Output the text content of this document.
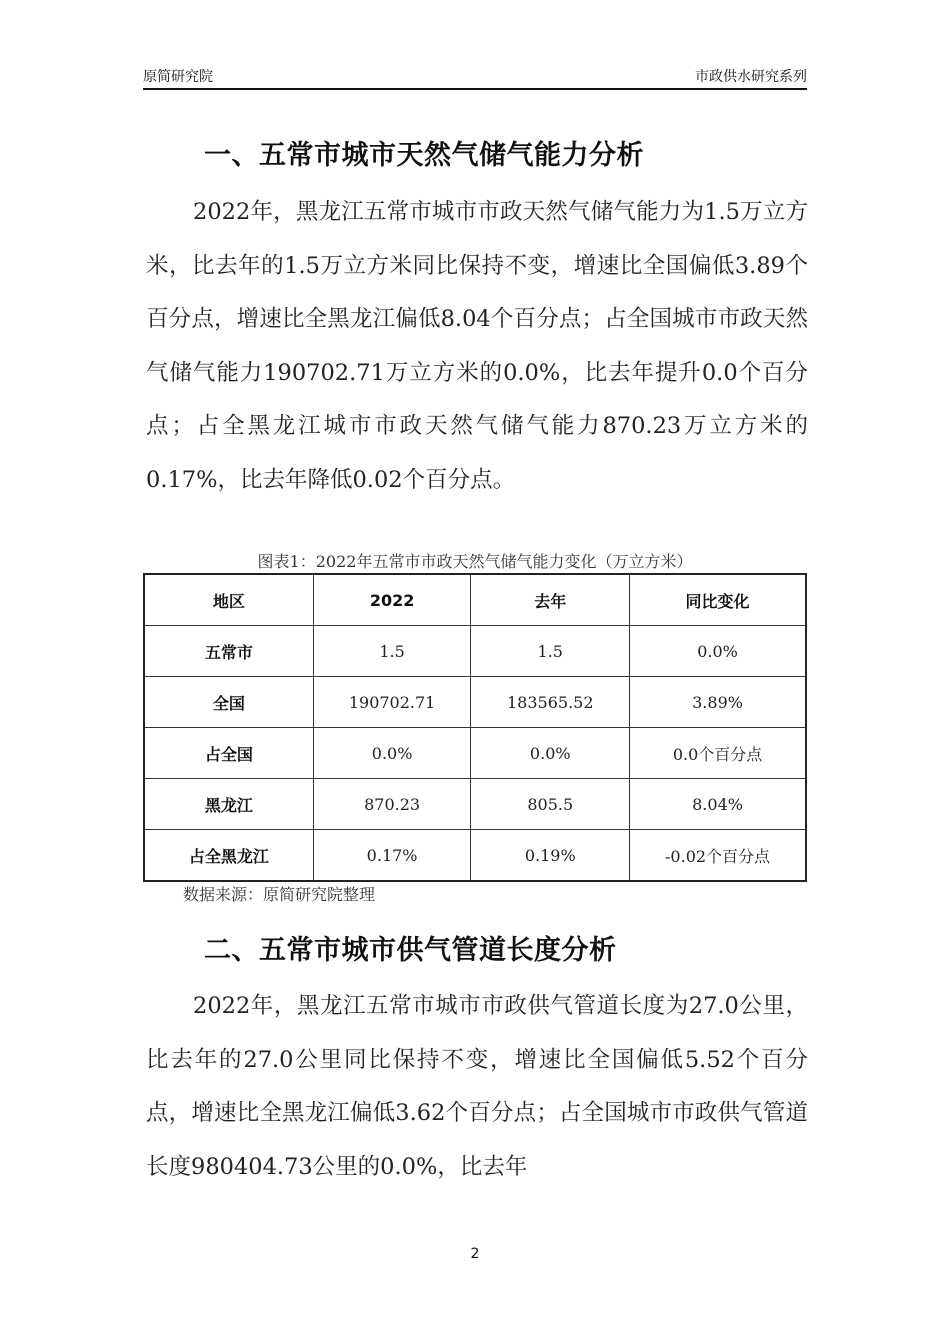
原简研究院	市政供水研究系列
一、五常市城市天然气储气能力分析

2022年，黑龙江五常市城市市政天然气储气能力为1.5万立方米，比去年的1.5万立方米同比保持不变，增速比全国偏低3.89个百分点，增速比全黑龙江偏低8.04个百分点；占全国城市市政天然气储气能力190702.71万立方米的0.0%，比去年提升0.0个百分点；占全黑龙江城市市政天然气储气能力870.23万立方米的0.17%，比去年降低0.02个百分点。

图表1：2022年五常市市政天然气储气能力变化（万立方米）
地区	2022	去年	同比变化
五常市	1.5	1.5	0.0%
全国	190702.71	183565.52	3.89%
占全国	0.0%	0.0%	0.0个百分点
黑龙江	870.23	805.5	8.04%
占全黑龙江	0.17%	0.19%	-0.02个百分点
数据来源：原简研究院整理
二、五常市城市供气管道长度分析

2022年，黑龙江五常市城市市政供气管道长度为27.0公里，比去年的27.0公里同比保持不变，增速比全国偏低5.52个百分点，增速比全黑龙江偏低3.62个百分点；占全国城市市政供气管道长度980404.73公里的0.0%，比去年

2
